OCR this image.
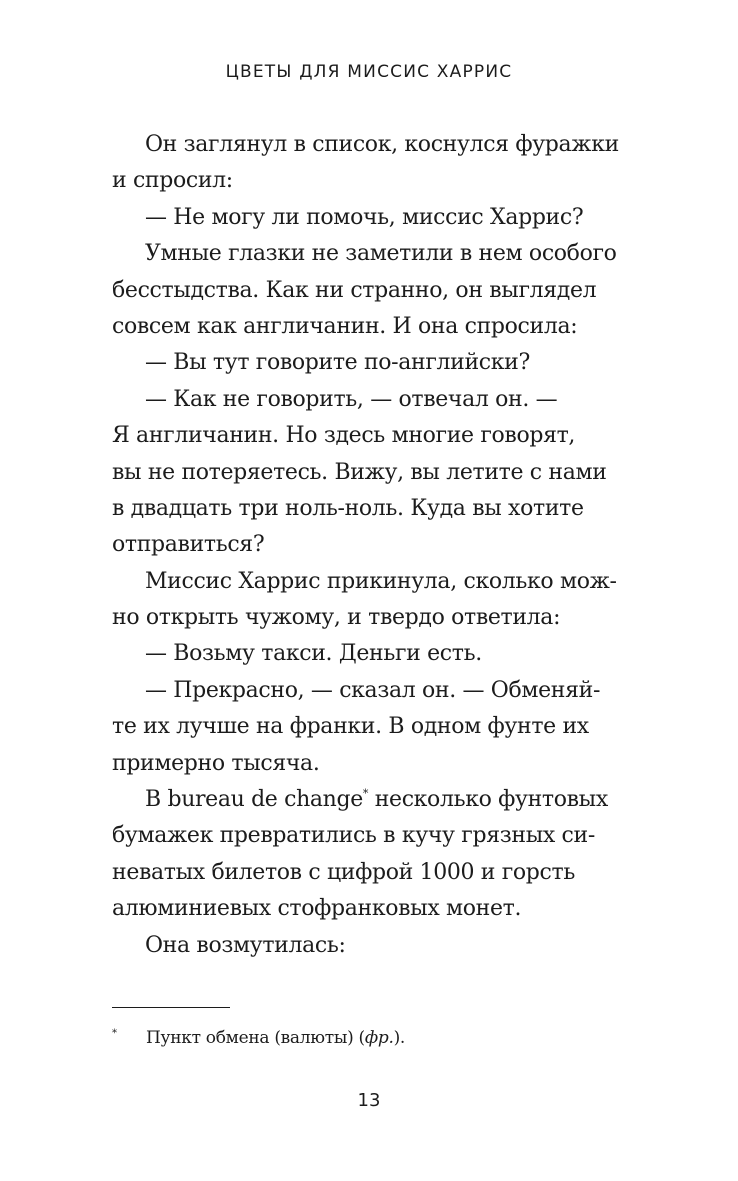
ЦВЕТЫ ДЛЯ МИССИС ХАРРИС
Он заглянул в список, коснулся фуражки
и спросил:
— Не могу ли помочь, миссис Харрис?
Умные глазки не заметили в нем особого
бесстыдства. Как ни странно, он выглядел
совсем как англичанин. И она спросила:
— Вы тут говорите по-английски?
— Как не говорить, — отвечал он. —
Я англичанин. Но здесь многие говорят,
вы не потеряетесь. Вижу, вы летите с нами
в двадцать три ноль-ноль. Куда вы хотите
отправиться?
Миссис Харрис прикинула, сколько мож-
но открыть чужому, и твердо ответила:
— Возьму такси. Деньги есть.
— Прекрасно, — сказал он. — Обменяй-
те их лучше на франки. В одном фунте их
примерно тысяча.
В bureau de change* несколько фунтовых
бумажек превратились в кучу грязных си-
неватых билетов с цифрой 1000 и горсть
алюминиевых стофранковых монет.
Она возмутилась:
* Пункт обмена (валюты) (фр.).
13
